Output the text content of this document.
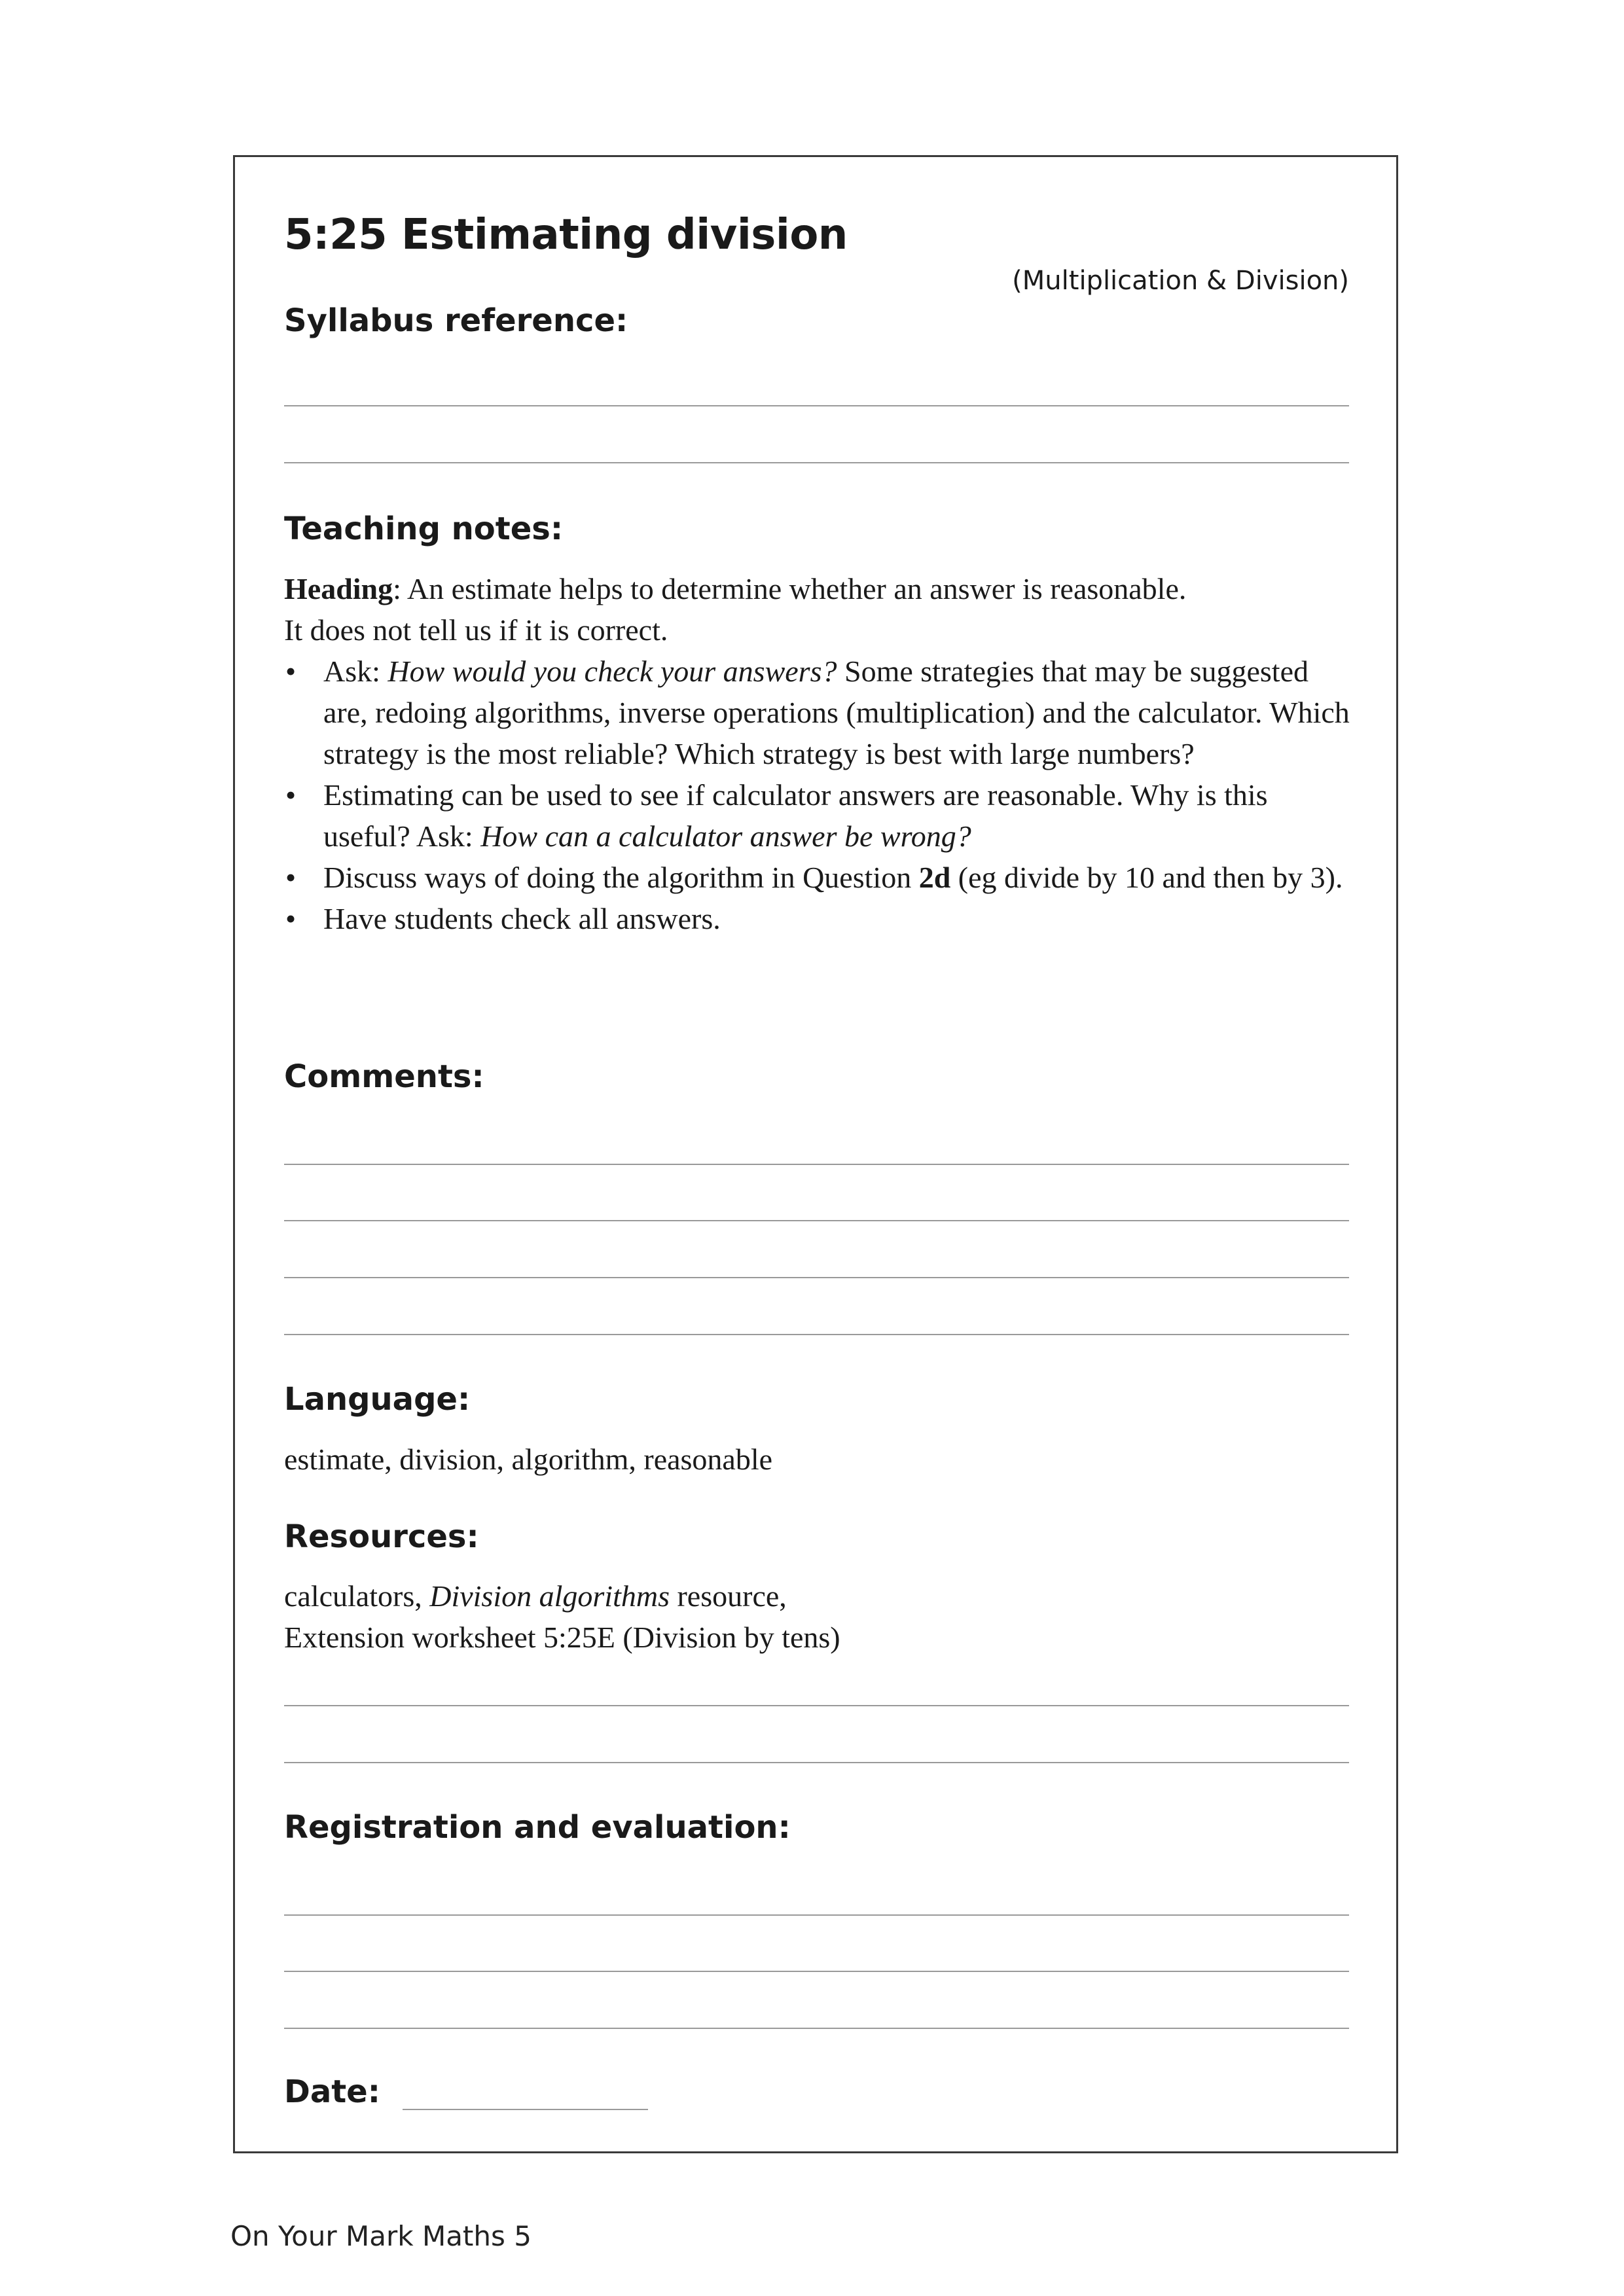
5:25 Estimating division
(Multiplication & Division)
Syllabus reference:
Teaching notes:

Heading: An estimate helps to determine whether an answer is reasonable.

It does not tell us if it is correct.

• Ask: How would you check your answers? Some strategies that may be suggested are, redoing algorithms, inverse operations (multiplication) and the calculator. Which strategy is the most reliable? Which strategy is best with large numbers?
• Estimating can be used to see if calculator answers are reasonable. Why is this useful? Ask: How can a calculator answer be wrong?
• Discuss ways of doing the algorithm in Question 2d (eg divide by 10 and then by 3).
• Have students check all answers.
Comments:
Language:
estimate, division, algorithm, reasonable
Resources:

calculators, Division algorithms resource,

Extension worksheet 5:25E (Division by tens)

Registration and evaluation:
Date:
On Your Mark Maths 5
